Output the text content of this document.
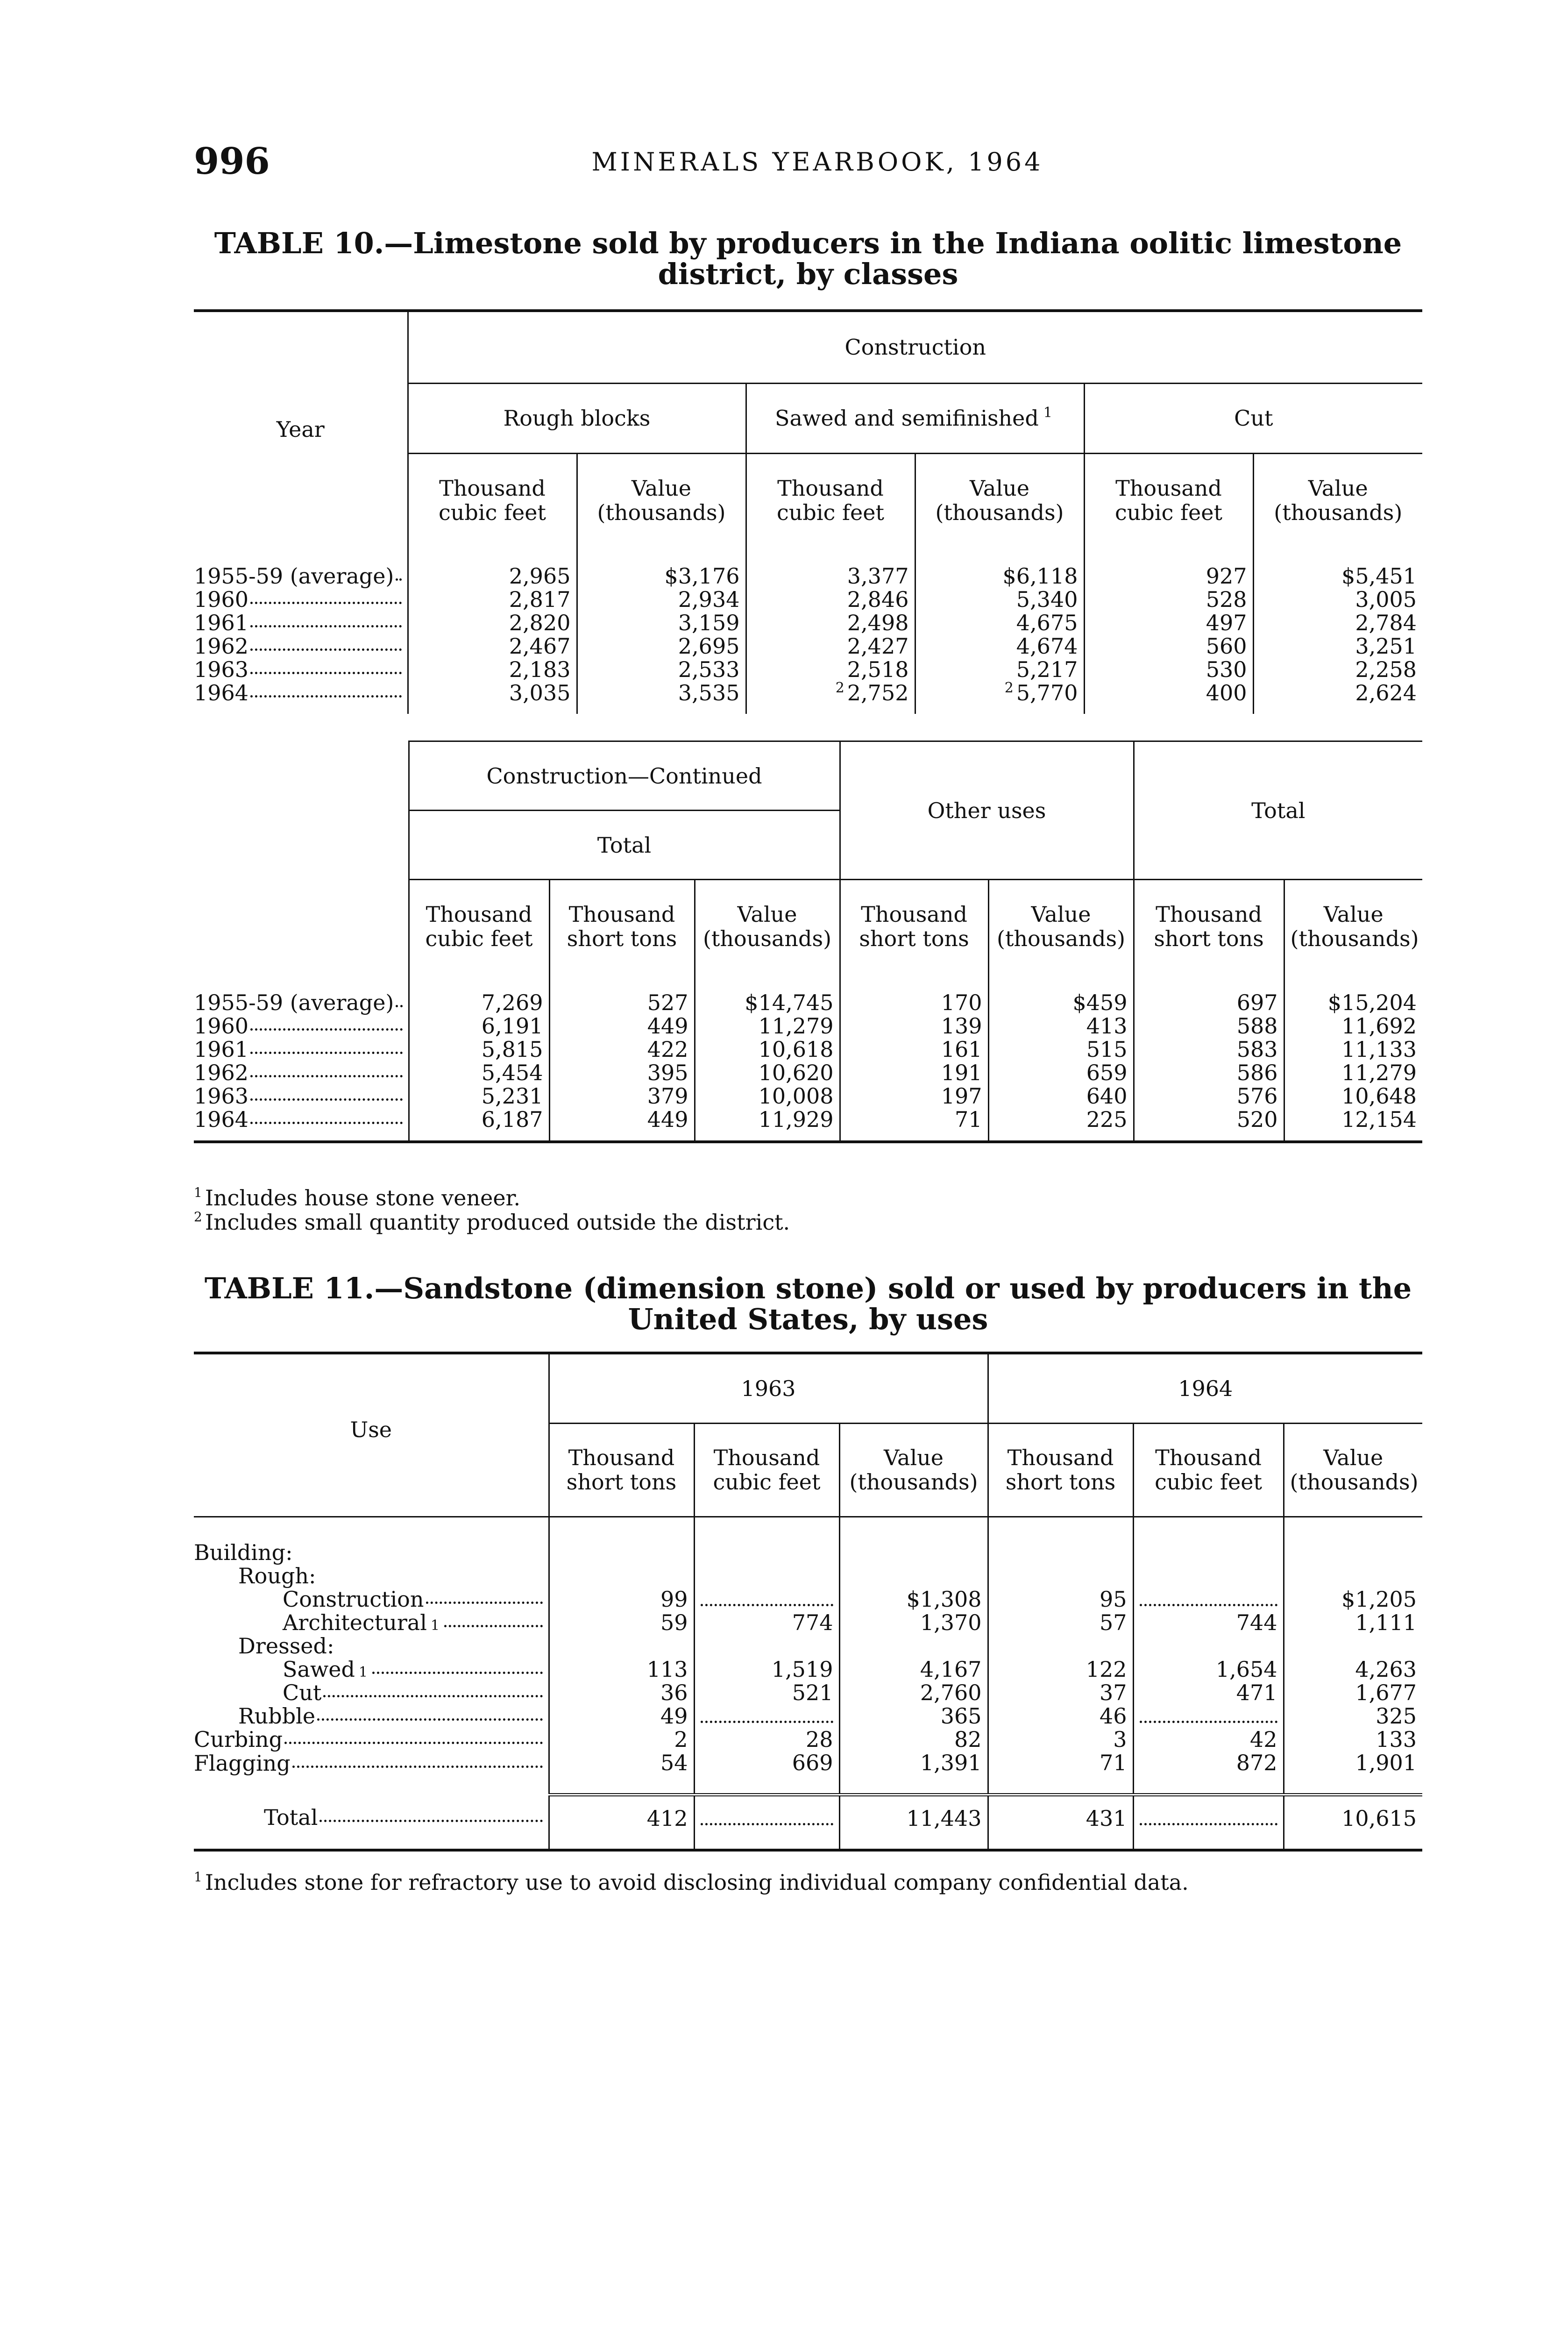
996	MINERALS YEARBOOK, 1964
TABLE 10.—Limestone sold by producers in the Indiana oolitic limestone district, by classes
Year	Construction					
	Rough blocks		Sawed and semifinished $^1$		Cut	
	Thousand cubic feet	Value (thousands)	Thousand cubic feet	Value (thousands)	Thousand cubic feet	Value (thousands)

1955-59 (average)	2,965	$3,176	3,377	$6,118	927	$5,451

1960	2,817	2,934	2,846	5,340	528	3,005

1961	2,820	3,159	2,498	4,675	497	2,784

1962	2,467	2,695	2,427	4,674	560	3,251

1963	2,183	2,533	2,518	5,217	530	2,258

1964	3,035	3,535	$^2$ 2,752	$^2$ 5,770	400	2,624
	Construction—Continued			Other uses		Total	
	Total						
	Thousand cubic feet	Thousand short tons	Value (thousands)	Thousand short tons	Value (thousands)	Thousand short tons	Value (thousands)

1955-59 (average)	7,269	527	$14,745	170	$459	697	$15,204

1960	6,191	449	11,279	139	413	588	11,692

1961	5,815	422	10,618	161	515	583	11,133

1962	5,454	395	10,620	191	659	586	11,279

1963	5,231	379	10,008	197	640	576	10,648

1964	6,187	449	11,929	71	225	520	12,154
$^1$ Includes house stone veneer.
$^2$ Includes small quantity produced outside the district.
TABLE 11.—Sandstone (dimension stone) sold or used by producers in the United States, by uses
Use	1963			1964		
	Thousand short tons	Thousand cubic feet	Value (thousands)	Thousand short tons	Thousand cubic feet	Value (thousands)

Building:						

Rough:						

Construction	99		$1,308	95		$1,205

Architectural 1	59	774	1,370	57	744	1,111

Dressed:						

Sawed 1	113	1,519	4,167	122	1,654	4,263

Cut	36	521	2,760	37	471	1,677

Rubble	49		365	46		325

Curbing	2	28	82	3	42	133

Flagging	54	669	1,391	71	872	1,901

Total	412		11,443	431		10,615
$^1$ Includes stone for refractory use to avoid disclosing individual company confidential data.
